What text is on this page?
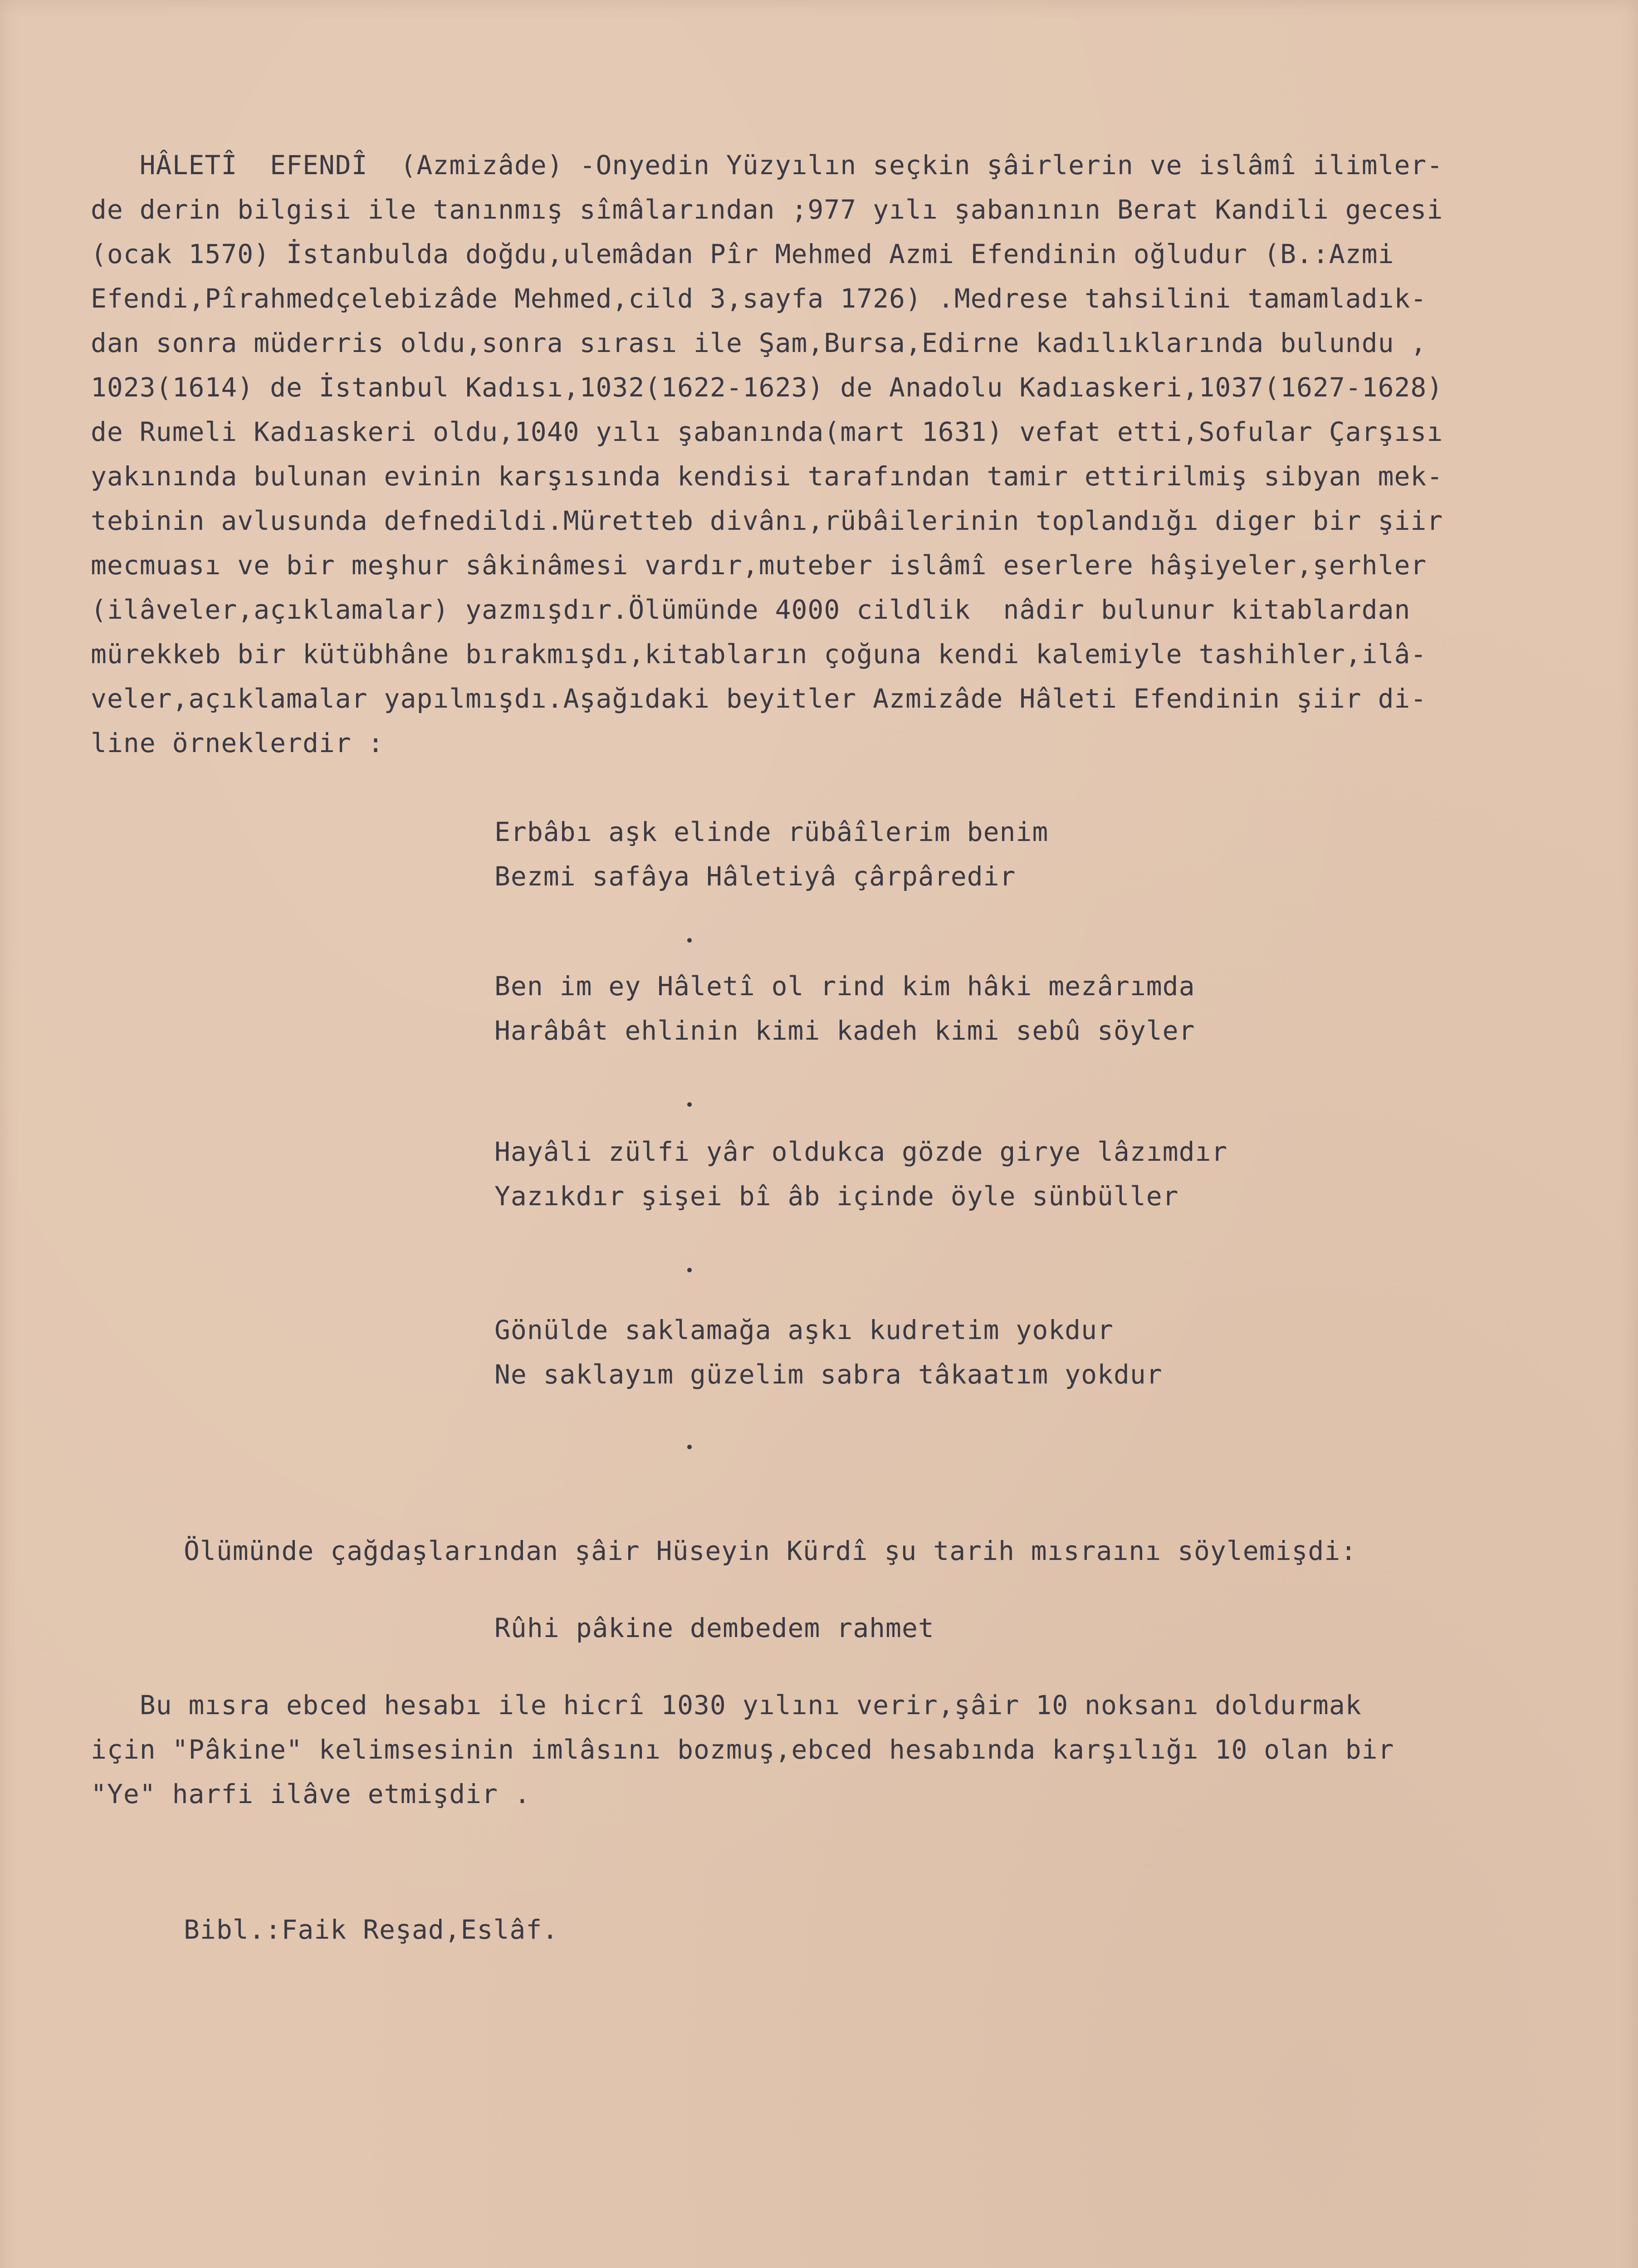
HÂLETÎ  EFENDÎ  (Azmizâde) -Onyedin Yüzyılın seçkin şâirlerin ve islâmî ilimler-
de derin bilgisi ile tanınmış sîmâlarından ;977 yılı şabanının Berat Kandili gecesi
(ocak 1570) İstanbulda doğdu,ulemâdan Pîr Mehmed Azmi Efendinin oğludur (B.:Azmi
Efendi,Pîrahmedçelebizâde Mehmed,cild 3,sayfa 1726) .Medrese tahsilini tamamladık-
dan sonra müderris oldu,sonra sırası ile Şam,Bursa,Edirne kadılıklarında bulundu ,
1023(1614) de İstanbul Kadısı,1032(1622-1623) de Anadolu Kadıaskeri,1037(1627-1628)
de Rumeli Kadıaskeri oldu,1040 yılı şabanında(mart 1631) vefat etti,Sofular Çarşısı
yakınında bulunan evinin karşısında kendisi tarafından tamir ettirilmiş sibyan mek-
tebinin avlusunda defnedildi.Müretteb divânı,rübâilerinin toplandığı diger bir şiir
mecmuası ve bir meşhur sâkinâmesi vardır,muteber islâmî eserlere hâşiyeler,şerhler
(ilâveler,açıklamalar) yazmışdır.Ölümünde 4000 cildlik  nâdir bulunur kitablardan
mürekkeb bir kütübhâne bırakmışdı,kitabların çoğuna kendi kalemiyle tashihler,ilâ-
veler,açıklamalar yapılmışdı.Aşağıdaki beyitler Azmizâde Hâleti Efendinin şiir di-
line örneklerdir :
Erbâbı aşk elinde rübâîlerim benim
Bezmi safâya Hâletiyâ çârpâredir
Ben im ey Hâletî ol rind kim hâki mezârımda
Harâbât ehlinin kimi kadeh kimi sebû söyler
Hayâli zülfi yâr oldukca gözde girye lâzımdır
Yazıkdır şişei bî âb içinde öyle sünbüller
Gönülde saklamağa aşkı kudretim yokdur
Ne saklayım güzelim sabra tâkaatım yokdur
Ölümünde çağdaşlarından şâir Hüseyin Kürdî şu tarih mısraını söylemişdi:
Rûhi pâkine dembedem rahmet
Bu mısra ebced hesabı ile hicrî 1030 yılını verir,şâir 10 noksanı doldurmak
için "Pâkine" kelimsesinin imlâsını bozmuş,ebced hesabında karşılığı 10 olan bir
"Ye" harfi ilâve etmişdir .
Bibl.:Faik Reşad,Eslâf.
